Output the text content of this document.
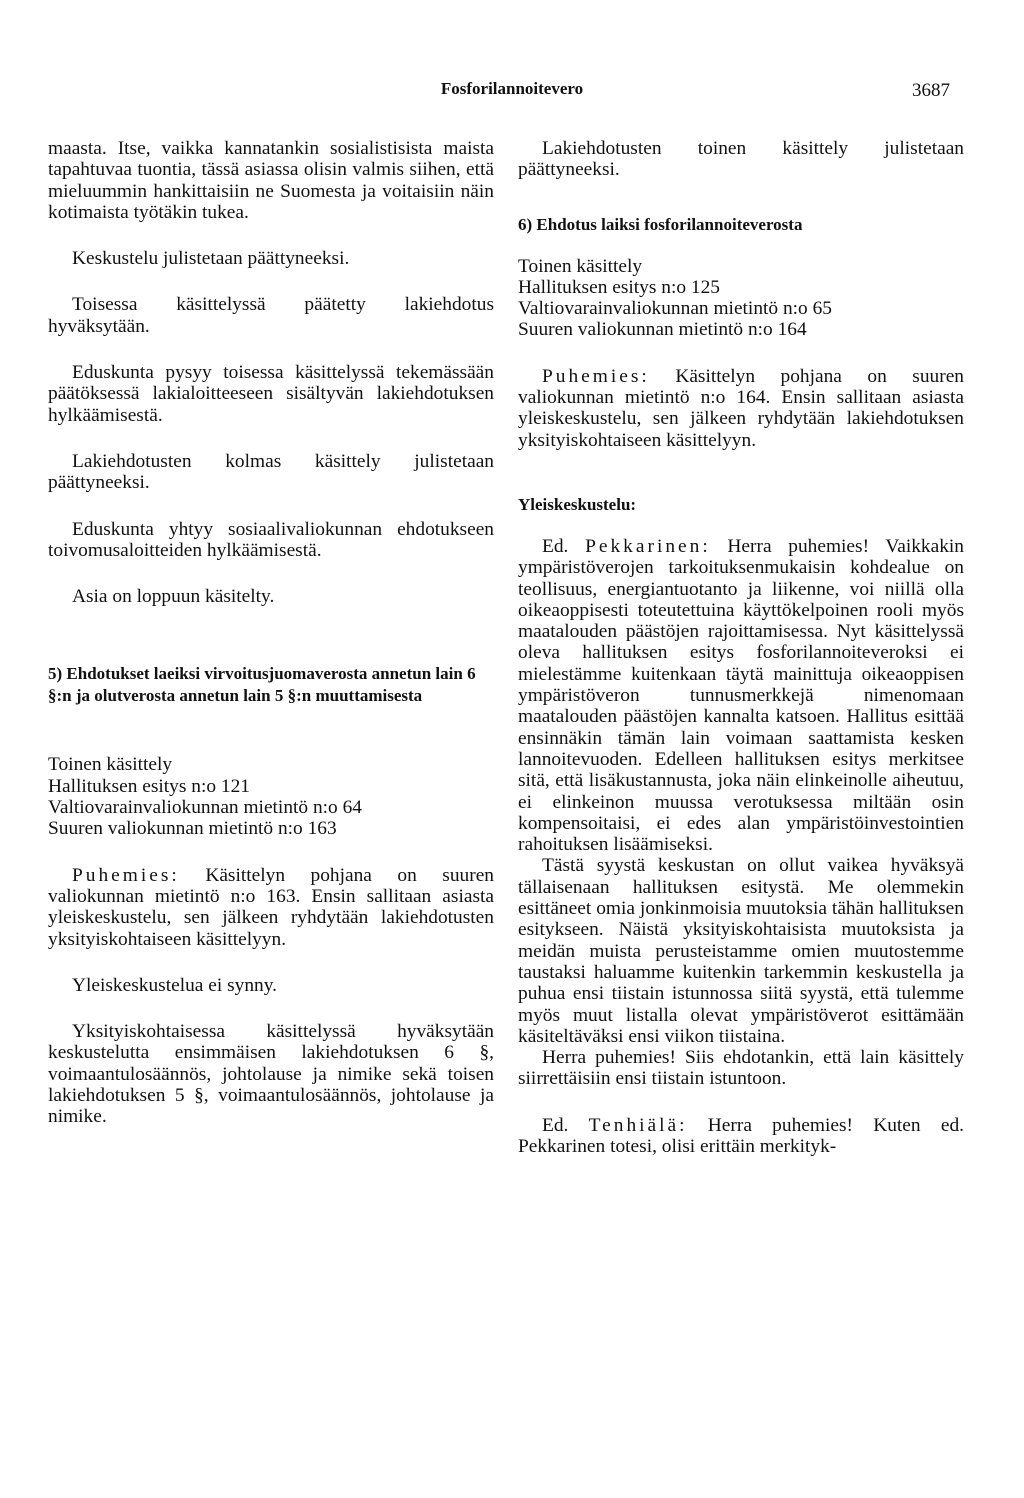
Fosforilannoitevero	3687

maasta. Itse, vaikka kannatankin sosialistisista maista tapahtuvaa tuontia, tässä asiassa olisin valmis siihen, että mieluummin hankittaisiin ne Suomesta ja voitaisiin näin kotimaista työtäkin tukea.

Keskustelu julistetaan päättyneeksi.

Toisessa käsittelyssä päätetty lakiehdotus hyväksytään.

Eduskunta pysyy toisessa käsittelyssä tekemässään päätöksessä lakialoitteeseen sisältyvän lakiehdotuksen hylkäämisestä.

Lakiehdotusten kolmas käsittely julistetaan päättyneeksi.

Eduskunta yhtyy sosiaalivaliokunnan ehdotukseen toivomusaloitteiden hylkäämisestä.

Asia on loppuun käsitelty.

5) Ehdotukset laeiksi virvoitusjuomaverosta annetun lain 6 §:n ja olutverosta annetun lain 5 §:n muuttamisesta

Toinen käsittely

Hallituksen esitys n:o 121

Valtiovarainvaliokunnan mietintö n:o 64

Suuren valiokunnan mietintö n:o 163

Puhemies: Käsittelyn pohjana on suuren valiokunnan mietintö n:o 163. Ensin sallitaan asiasta yleiskeskustelu, sen jälkeen ryhdytään lakiehdotusten yksityiskohtaiseen käsittelyyn.

Yleiskeskustelua ei synny.

Yksityiskohtaisessa käsittelyssä hyväksytään keskustelutta ensimmäisen lakiehdotuksen 6 §, voimaantulosäännös, johtolause ja nimike sekä toisen lakiehdotuksen 5 §, voimaantulosäännös, johtolause ja nimike.

Lakiehdotusten toinen käsittely julistetaan päättyneeksi.

6) Ehdotus laiksi fosforilannoiteverosta

Toinen käsittely

Hallituksen esitys n:o 125

Valtiovarainvaliokunnan mietintö n:o 65

Suuren valiokunnan mietintö n:o 164

Puhemies: Käsittelyn pohjana on suuren valiokunnan mietintö n:o 164. Ensin sallitaan asiasta yleiskeskustelu, sen jälkeen ryhdytään lakiehdotuksen yksityiskohtaiseen käsittelyyn.

Yleiskeskustelu:

Ed. Pekkarinen: Herra puhemies! Vaikkakin ympäristöverojen tarkoituksenmukaisin kohdealue on teollisuus, energiantuotanto ja liikenne, voi niillä olla oikeaoppisesti toteutettuina käyttökelpoinen rooli myös maatalouden päästöjen rajoittamisessa. Nyt käsittelyssä oleva hallituksen esitys fosforilannoiteveroksi ei mielestämme kuitenkaan täytä mainittuja oikeaoppisen ympäristöveron tunnusmerkkejä nimenomaan maatalouden päästöjen kannalta katsoen. Hallitus esittää ensinnäkin tämän lain voimaan saattamista kesken lannoitevuoden. Edelleen hallituksen esitys merkitsee sitä, että lisäkustannusta, joka näin elinkeinolle aiheutuu, ei elinkeinon muussa verotuksessa miltään osin kompensoitaisi, ei edes alan ympäristöinvestointien rahoituksen lisäämiseksi.

Tästä syystä keskustan on ollut vaikea hyväksyä tällaisenaan hallituksen esitystä. Me olemmekin esittäneet omia jonkinmoisia muutoksia tähän hallituksen esitykseen. Näistä yksityiskohtaisista muutoksista ja meidän muista perusteistamme omien muutostemme taustaksi haluamme kuitenkin tarkemmin keskustella ja puhua ensi tiistain istunnossa siitä syystä, että tulemme myös muut listalla olevat ympäristöverot esittämään käsiteltäväksi ensi viikon tiistaina.

Herra puhemies! Siis ehdotankin, että lain käsittely siirrettäisiin ensi tiistain istuntoon.

Ed. Tenhiälä: Herra puhemies! Kuten ed. Pekkarinen totesi, olisi erittäin merkityk-
